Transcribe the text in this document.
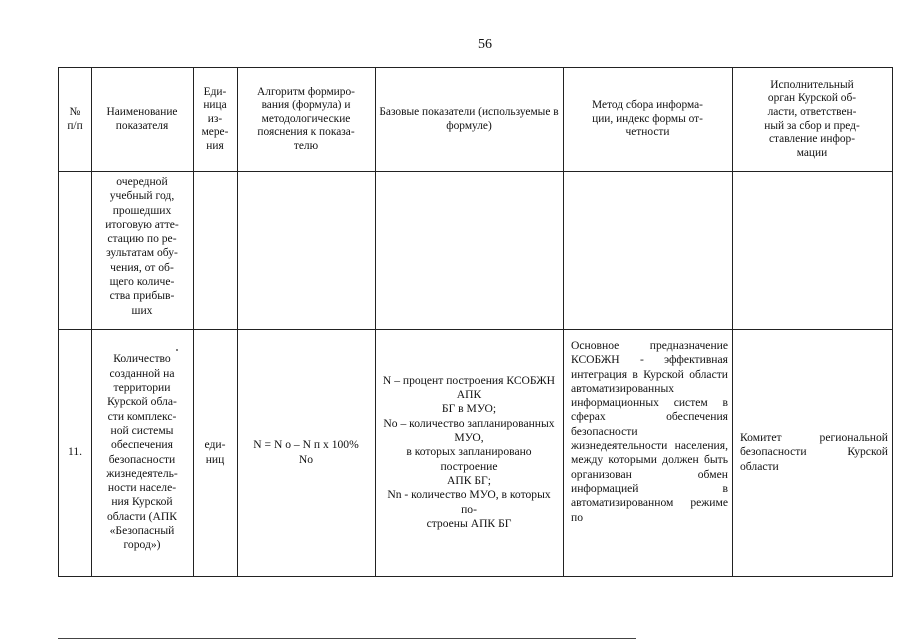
56
№
п/п
Наименование
показателя
Еди-
ница
из-
мере-
ния
Алгоритм формиро-
вания (формула) и
методологические
пояснения к показа-
телю
Базовые показатели (используемые в
формуле)
Метод сбора информа-
ции, индекс формы от-
четности
Исполнительный
орган Курской об-
ласти, ответствен-
ный за сбор и пред-
ставление инфор-
мации
очередной
учебный год,
прошедших
итоговую атте-
стацию по ре-
зультатам обу-
чения, от об-
щего количе-
ства прибыв-
ших
11.
Количество
созданной на
территории
Курской обла-
сти комплекс-
ной системы
обеспечения
безопасности
жизнедеятель-
ности населе-
ния Курской
области (АПК
«Безопасный
город»)
еди-
ниц
N = N о – N п x 100%
No
N – процент построения КСОБЖН АПК
БГ в МУО;
No – количество запланированных МУО,
в которых запланировано построение
АПК БГ;
Nn - количество МУО, в которых по-
строены АПК БГ
Основное предназначение КСОБЖН - эффективная интеграция в Курской области автоматизированных информационных систем в сферах обеспечения безопасности жизнедеятельности населения, между которыми должен быть организован обмен информацией в автоматизированном режиме по
Комитет региональной безопасности Курской области
